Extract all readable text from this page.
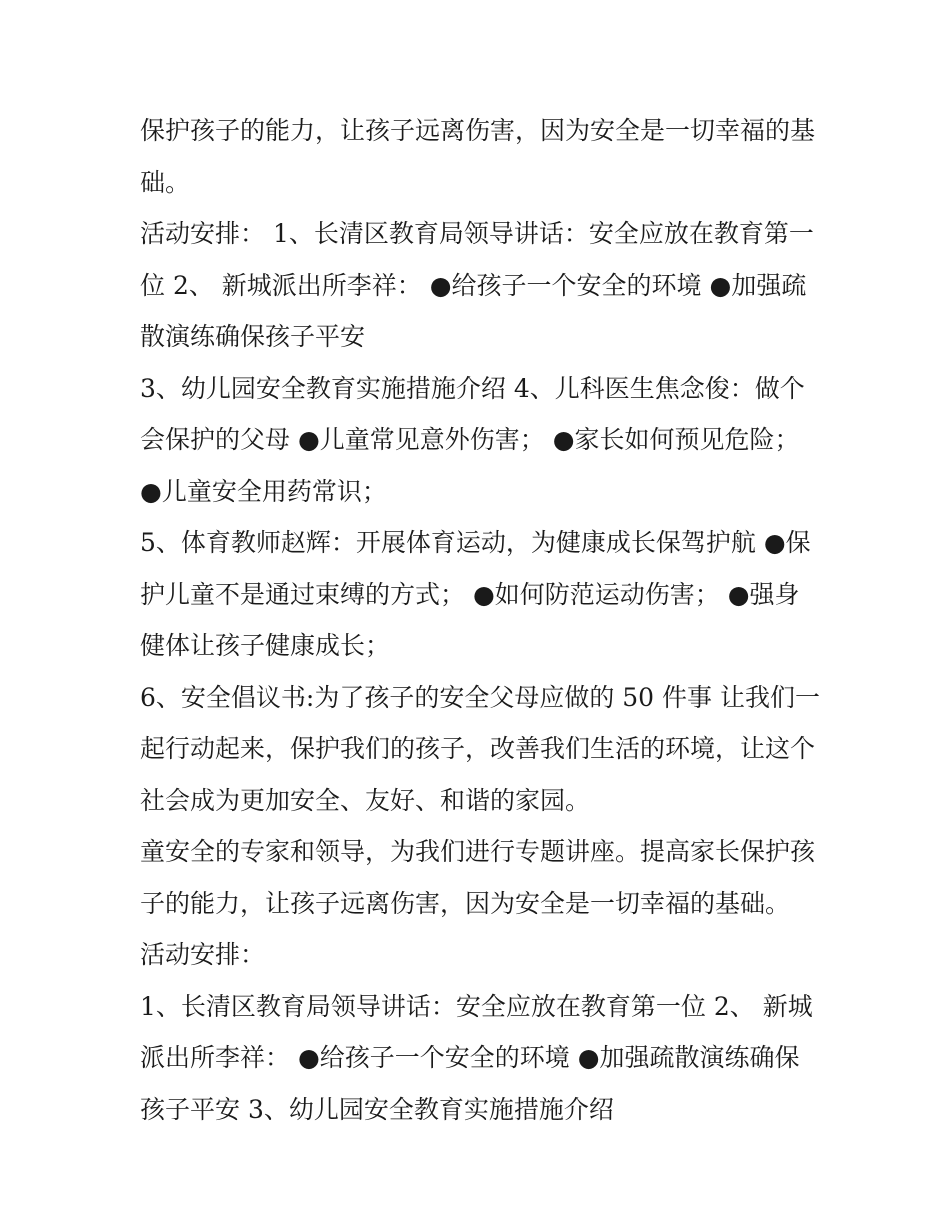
保护孩子的能力，让孩子远离伤害，因为安全是一切幸福的基
础。
活动安排： 1、长清区教育局领导讲话：安全应放在教育第一
位 2、 新城派出所李祥： ●给孩子一个安全的环境 ●加强疏
散演练确保孩子平安
3、幼儿园安全教育实施措施介绍 4、儿科医生焦念俊：做个
会保护的父母 ●儿童常见意外伤害； ●家长如何预见危险；
●儿童安全用药常识；
5、体育教师赵辉：开展体育运动，为健康成长保驾护航 ●保
护儿童不是通过束缚的方式； ●如何防范运动伤害； ●强身
健体让孩子健康成长；
6、安全倡议书:为了孩子的安全父母应做的 50 件事 让我们一
起行动起来，保护我们的孩子，改善我们生活的环境，让这个
社会成为更加安全、友好、和谐的家园。
童安全的专家和领导，为我们进行专题讲座。提高家长保护孩
子的能力，让孩子远离伤害，因为安全是一切幸福的基础。
活动安排：
1、长清区教育局领导讲话：安全应放在教育第一位 2、 新城
派出所李祥： ●给孩子一个安全的环境 ●加强疏散演练确保
孩子平安 3、幼儿园安全教育实施措施介绍
